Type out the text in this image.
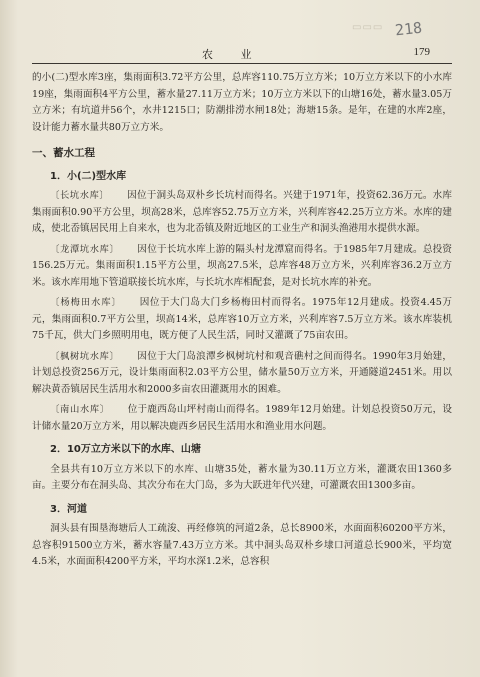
▭▭▭ 218
农 业	179

的小(二)型水库3座，集雨面积3.72平方公里，总库容110.75万立方米；10万立方米以下的小水库19座，集雨面积4平方公里，蓄水量27.11万立方米；10万立方米以下的山塘16处，蓄水量3.05万立方米；有坑道井56个，水井1215口；防潮排涝水闸18处；海塘15条。是年，在建的水库2座，设计能力蓄水量共80万立方米。

一、蓄水工程
1．小(二)型水库

〔长坑水库〕 因位于洞头岛双朴乡长坑村而得名。兴建于1971年，投资62.36万元。水库集雨面积0.90平方公里，坝高28米，总库容52.75万立方米，兴利库容42.25万立方米。水库的建成，使北岙镇居民用上自来水，也为北岙镇及附近地区的工业生产和洞头渔港用水提供水源。

〔龙潭坑水库〕 因位于长坑水库上游的隔头村龙潭窟而得名。于1985年7月建成。总投资156.25万元。集雨面积1.15平方公里，坝高27.5米，总库容48万立方米，兴利库容36.2万立方米。该水库用地下管道联接长坑水库，与长坑水库相配套，是对长坑水库的补充。

〔杨梅田水库〕 因位于大门岛大门乡杨梅田村而得名。1975年12月建成。投资4.45万元，集雨面积0.7平方公里，坝高14米，总库容10万立方米，兴利库容7.5万立方米。该水库装机75千瓦，供大门乡照明用电，既方便了人民生活，同时又灌溉了75亩农田。

〔枫树坑水库〕 因位于大门岛浪潭乡枫树坑村和观音礁村之间而得名。1990年3月始建，计划总投资256万元，设计集雨面积2.03平方公里，储水量50万立方米，开通隧道2451米。用以解决黄岙镇居民生活用水和2000多亩农田灌溉用水的困难。

〔南山水库〕 位于鹿西岛山坪村南山而得名。1989年12月始建。计划总投资50万元，设计储水量20万立方米，用以解决鹿西乡居民生活用水和渔业用水问题。

2．10万立方米以下的水库、山塘

全县共有10万立方米以下的水库、山塘35处，蓄水量为30.11万立方米，灌溉农田1360多亩。主要分布在洞头岛、其次分布在大门岛，多为大跃进年代兴建，可灌溉农田1300多亩。

3．河道

洞头县有围垦海塘后人工疏浚、再经修筑的河道2条，总长8900米，水面面积60200平方米，总容积91500立方米，蓄水容量7.43万立方米。其中洞头岛双朴乡埭口河道总长900米，平均宽4.5米，水面面积4200平方米，平均水深1.2米，总容积
